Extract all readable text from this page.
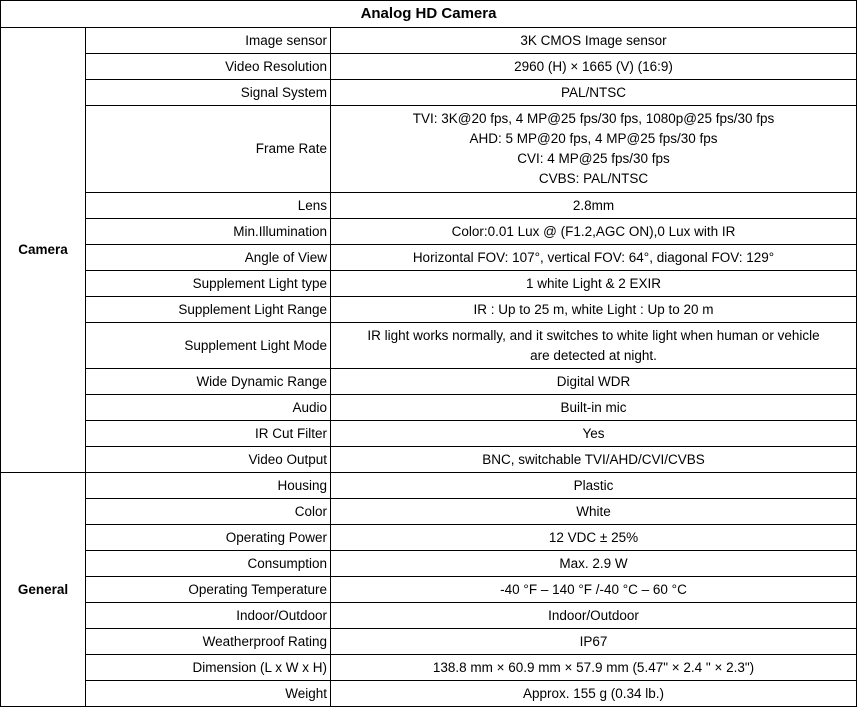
Analog HD Camera		
Camera	Image sensor	3K CMOS Image sensor

	Video Resolution	2960 (H) × 1665 (V) (16:9)

	Signal System	PAL/NTSC

	Frame Rate	TVI: 3K@20 fps, 4 MP@25 fps/30 fps, 1080p@25 fps/30 fps
AHD: 5 MP@20 fps, 4 MP@25 fps/30 fps
CVI: 4 MP@25 fps/30 fps
CVBS: PAL/NTSC

	Lens	2.8mm

	Min.Illumination	Color:0.01 Lux @ (F1.2,AGC ON),0 Lux with IR

	Angle of View	Horizontal FOV: 107°, vertical FOV: 64°, diagonal FOV: 129°

	Supplement Light type	1 white Light & 2 EXIR

	Supplement Light Range	IR : Up to 25 m, white Light : Up to 20 m

	Supplement Light Mode	IR light works normally, and it switches to white light when human or vehicle
are detected at night.

	Wide Dynamic Range	Digital WDR

	Audio	Built-in mic

	IR Cut Filter	Yes

	Video Output	BNC, switchable TVI/AHD/CVI/CVBS

General	Housing	Plastic

	Color	White

	Operating Power	12 VDC ± 25%

	Consumption	Max. 2.9 W

	Operating Temperature	-40 °F – 140 °F /-40 °C – 60 °C

	Indoor/Outdoor	Indoor/Outdoor

	Weatherproof Rating	IP67

	Dimension (L x W x H)	138.8 mm × 60.9 mm × 57.9 mm (5.47" × 2.4 " × 2.3")

	Weight	Approx. 155 g (0.34 lb.)
